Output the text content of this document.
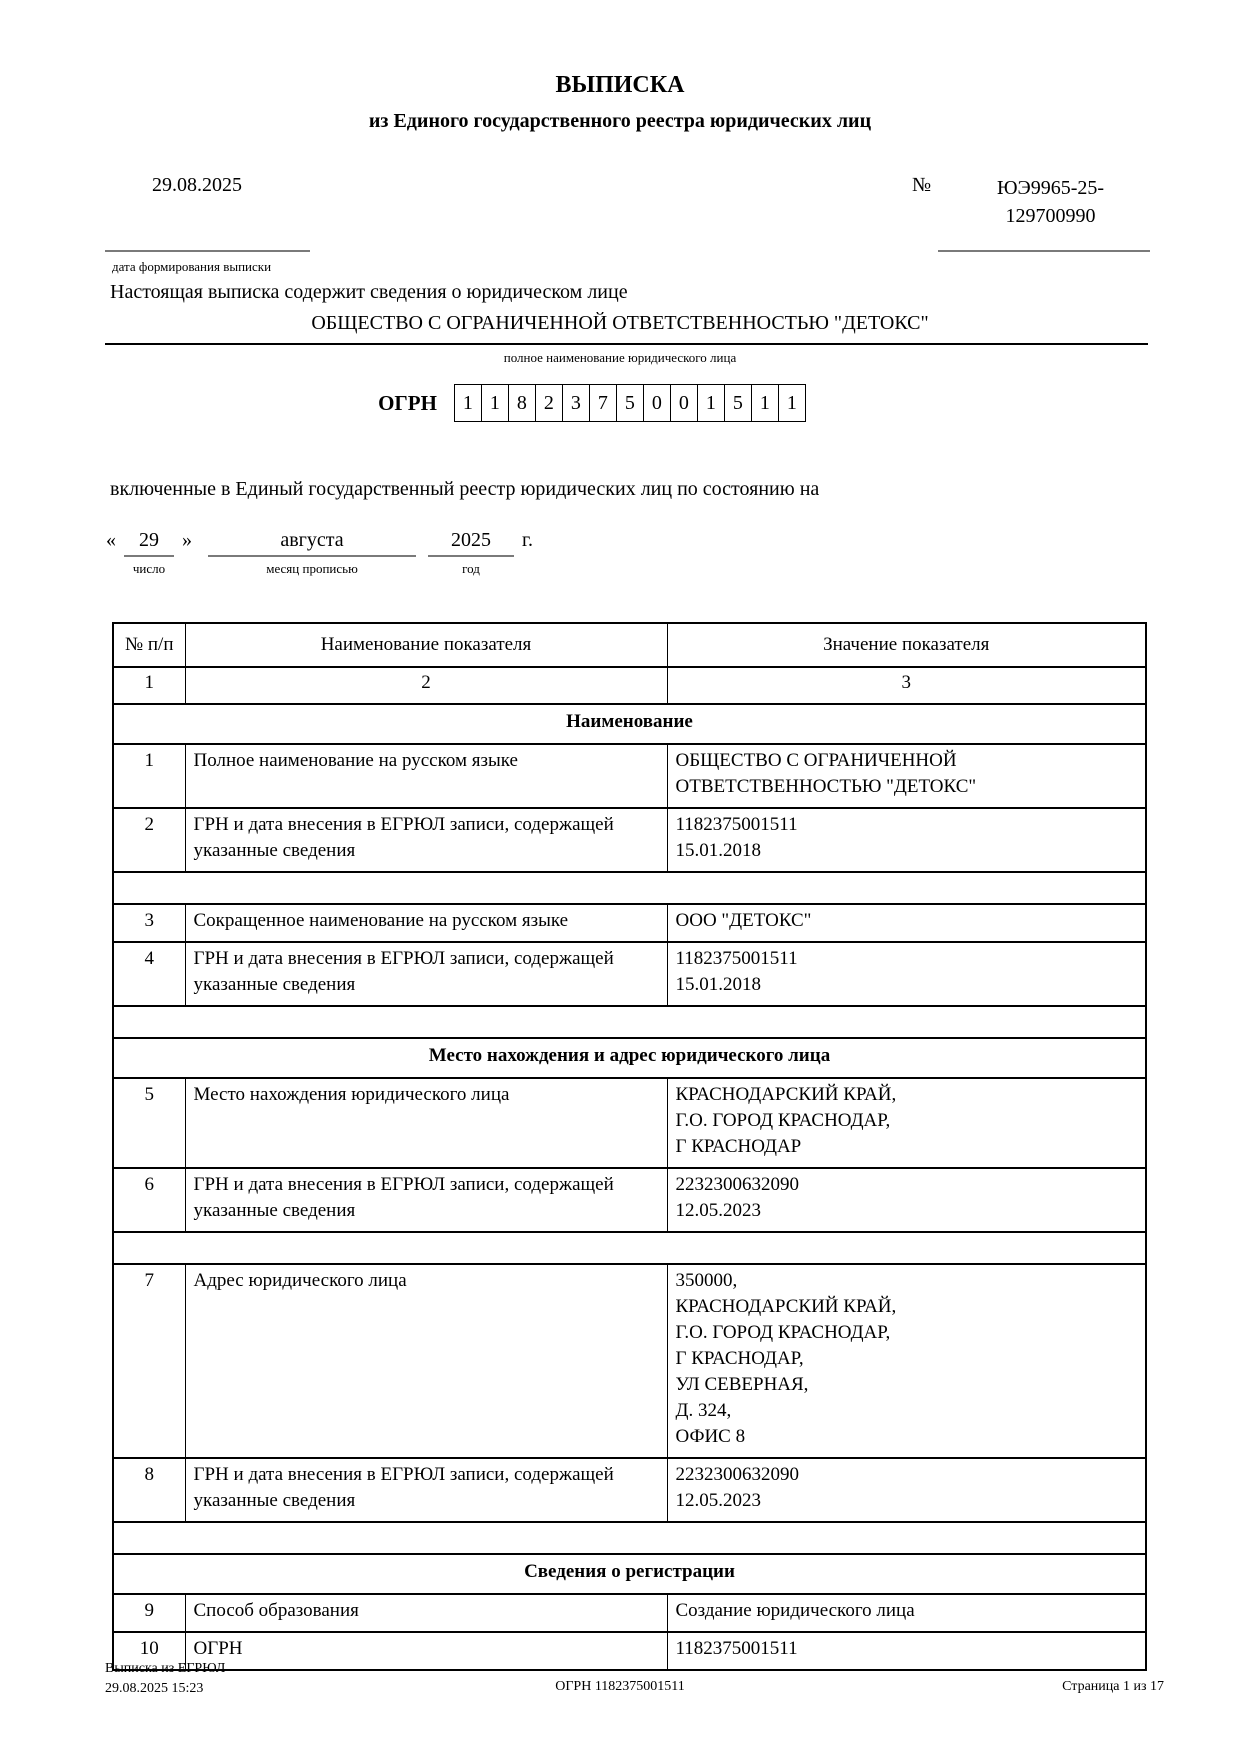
ВЫПИСКА
из Единого государственного реестра юридических лиц
29.08.2025
дата формирования выписки
№	ЮЭ9965-25-
129700990
Настоящая выписка содержит сведения о юридическом лице
ОБЩЕСТВО С ОГРАНИЧЕННОЙ ОТВЕТСТВЕННОСТЬЮ "ДЕТОКС"
полное наименование юридического лица
ОГРН	1 1 8 2 3 7 5 0 0 1 5 1 1
включенные в Единый государственный реестр юридических лиц по состоянию на
«	29
число
»	августа
месяц прописью
2025
год
г.
№ п/п	Наименование показателя	Значение показателя
1	2	3
Наименование		
1	Полное наименование на русском языке	ОБЩЕСТВО С ОГРАНИЧЕННОЙ
ОТВЕТСТВЕННОСТЬЮ "ДЕТОКС"
2	ГРН и дата внесения в ЕГРЮЛ записи, содержащей указанные сведения	1182375001511
15.01.2018

3	Сокращенное наименование на русском языке	ООО "ДЕТОКС"
4	ГРН и дата внесения в ЕГРЮЛ записи, содержащей указанные сведения	1182375001511
15.01.2018

Место нахождения и адрес юридического лица		
5	Место нахождения юридического лица	КРАСНОДАРСКИЙ КРАЙ,
Г.О. ГОРОД КРАСНОДАР,
Г КРАСНОДАР
6	ГРН и дата внесения в ЕГРЮЛ записи, содержащей указанные сведения	2232300632090
12.05.2023

7	Адрес юридического лица	350000,
КРАСНОДАРСКИЙ КРАЙ,
Г.О. ГОРОД КРАСНОДАР,
Г КРАСНОДАР,
УЛ СЕВЕРНАЯ,
Д. 324,
ОФИС 8
8	ГРН и дата внесения в ЕГРЮЛ записи, содержащей указанные сведения	2232300632090
12.05.2023

Сведения о регистрации		
9	Способ образования	Создание юридического лица
10	ОГРН	1182375001511
Выписка из ЕГРЮЛ
29.08.2025 15:23	ОГРН 1182375001511	Страница 1 из 17
